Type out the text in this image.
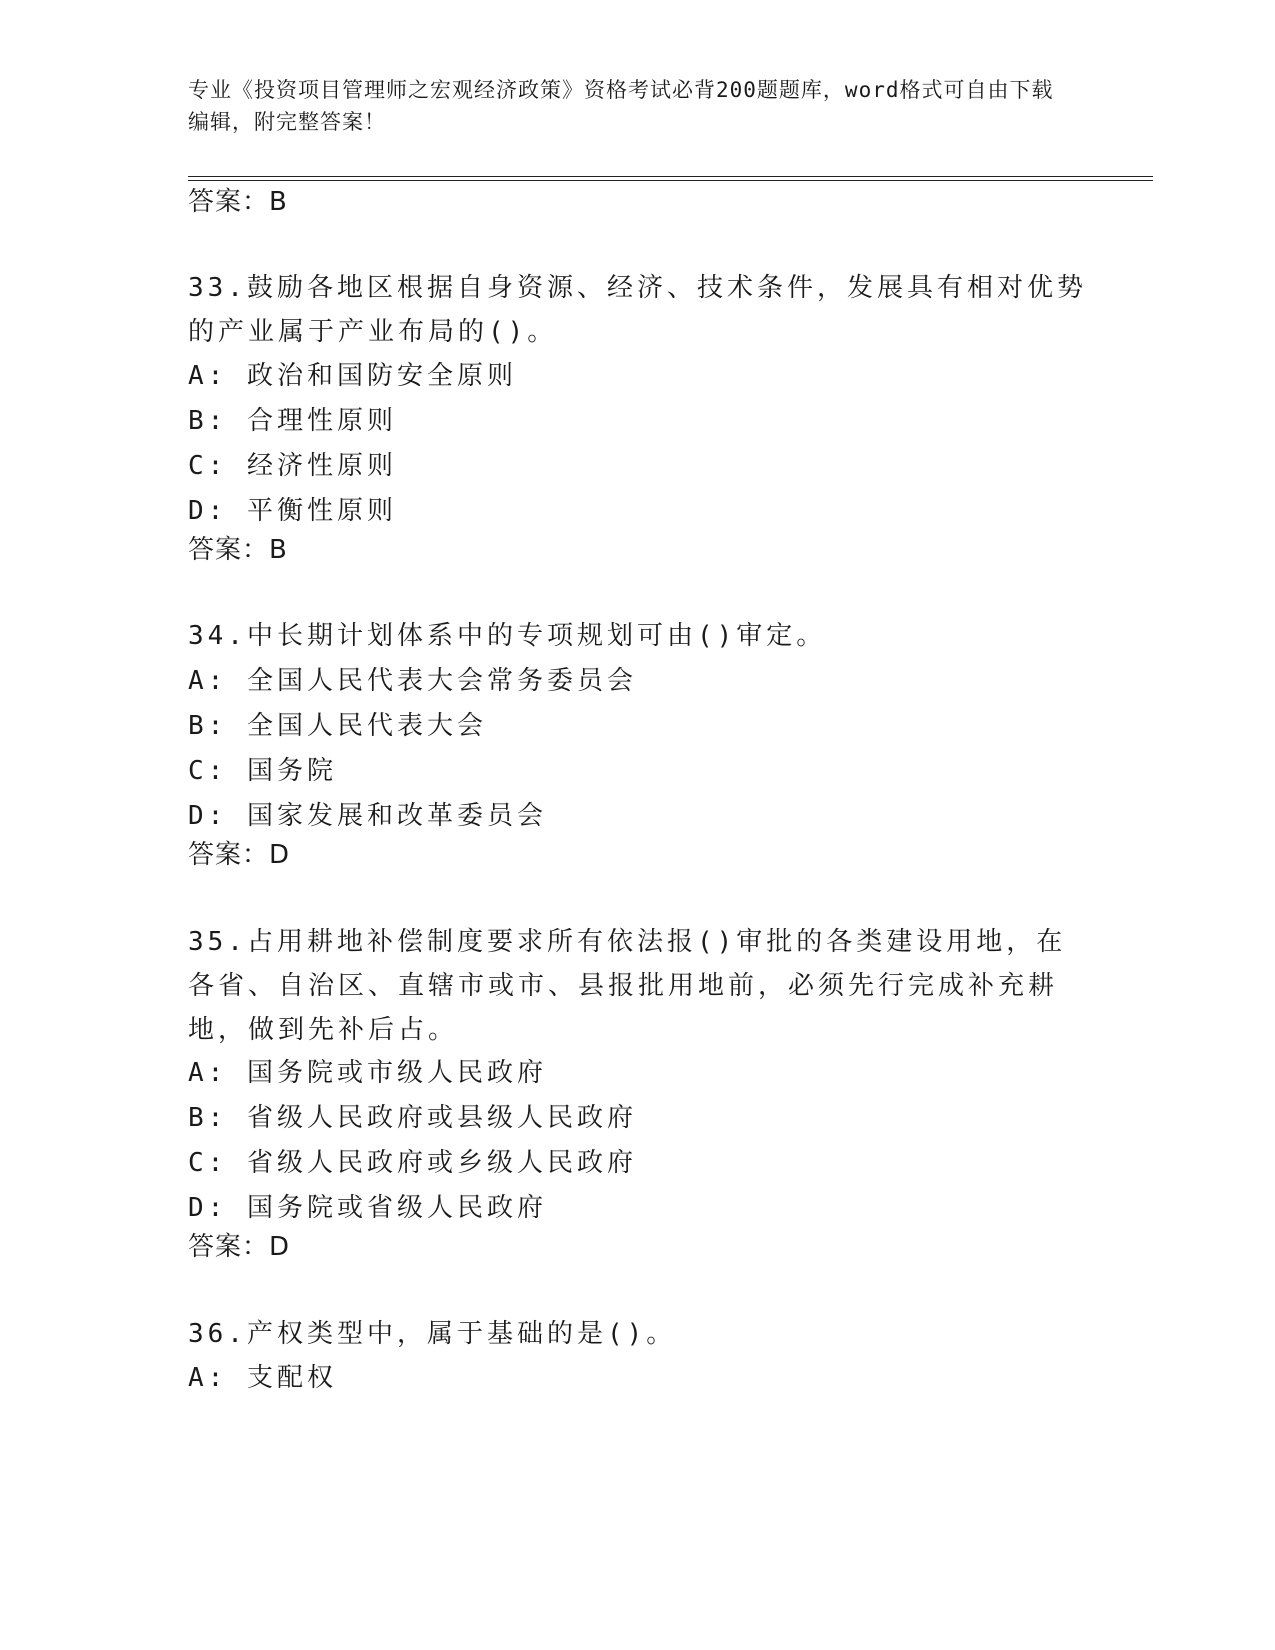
专业《投资项目管理师之宏观经济政策》资格考试必背200题题库，word格式可自由下载编辑，附完整答案！
答案：B
33.鼓励各地区根据自身资源、经济、技术条件，发展具有相对优势的产业属于产业布局的()。
A: 政治和国防安全原则
B: 合理性原则
C: 经济性原则
D: 平衡性原则
答案：B
34.中长期计划体系中的专项规划可由()审定。
A: 全国人民代表大会常务委员会
B: 全国人民代表大会
C: 国务院
D: 国家发展和改革委员会
答案：D
35.占用耕地补偿制度要求所有依法报()审批的各类建设用地，在各省、自治区、直辖市或市、县报批用地前，必须先行完成补充耕地，做到先补后占。
A: 国务院或市级人民政府
B: 省级人民政府或县级人民政府
C: 省级人民政府或乡级人民政府
D: 国务院或省级人民政府
答案：D
36.产权类型中，属于基础的是()。
A: 支配权
